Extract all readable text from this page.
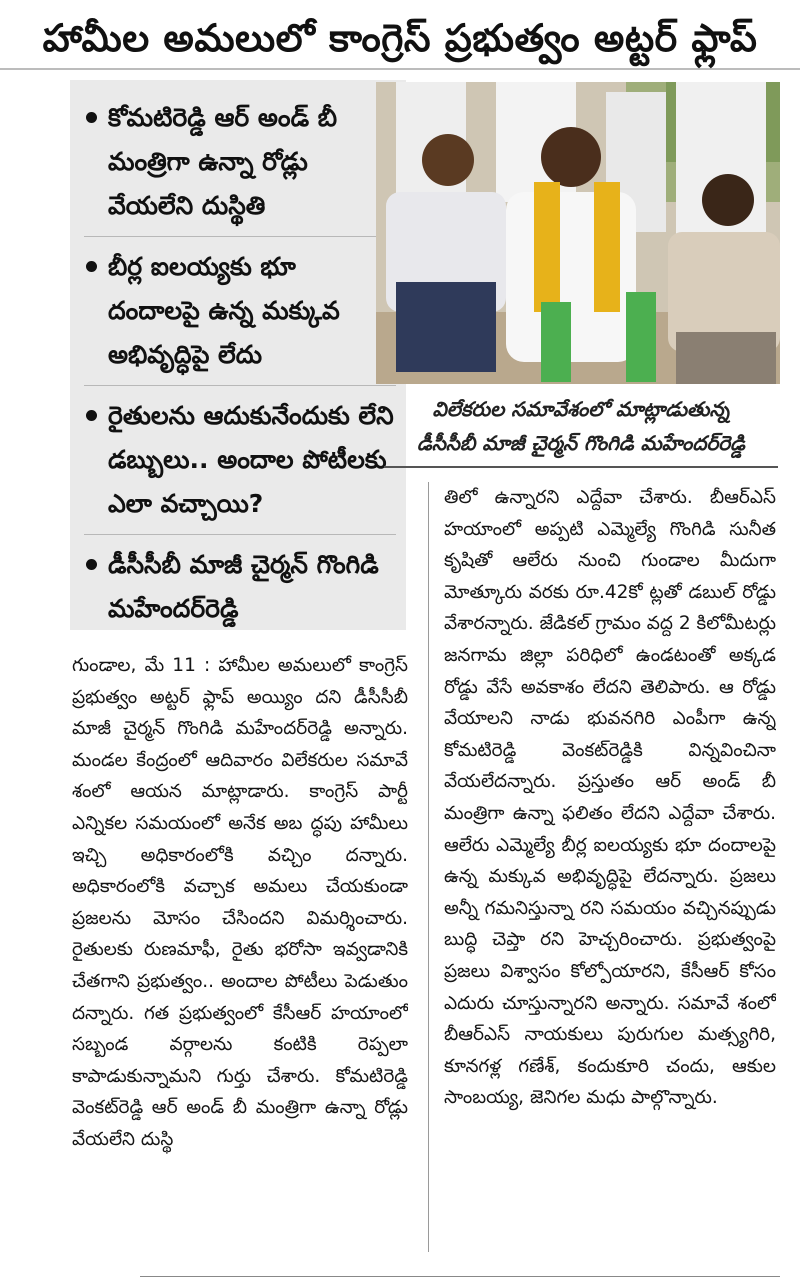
హామీల అమలులో కాంగ్రెస్ ప్రభుత్వం అట్టర్ ఫ్లాప్
కోమటిరెడ్డి ఆర్ అండ్ బీ మంత్రిగా ఉన్నా రోడ్లు వేయలేని దుస్థితి
బీర్ల ఐలయ్యకు భూ దందాలపై ఉన్న మక్కువ అభివృద్ధిపై లేదు
రైతులను ఆదుకునేందుకు లేని డబ్బులు.. అందాల పోటీలకు ఎలా వచ్చాయి?
డీసీసీబీ మాజీ చైర్మన్ గొంగిడి మహేందర్‌రెడ్డి
విలేకరుల సమావేశంలో మాట్లాడుతున్న
డీసీసీబీ మాజీ చైర్మన్ గొంగిడి మహేందర్‌రెడ్డి

గుండాల, మే 11 : హామీల అమలులో కాంగ్రెస్ ప్రభుత్వం అట్టర్ ఫ్లాప్ అయ్యిం దని డీసీసీబీ మాజీ చైర్మన్ గొంగిడి మహేందర్‌రెడ్డి అన్నారు. మండల కేంద్రంలో ఆదివారం విలేకరుల సమావే శంలో ఆయన మాట్లాడారు. కాంగ్రెస్ పార్టీ ఎన్నికల సమయంలో అనేక అబ ద్ధపు హామీలు ఇచ్చి అధికారంలోకి వచ్చిం దన్నారు. అధికారంలోకి వచ్చాక అమలు చేయకుండా ప్రజలను మోసం చేసిందని విమర్శించారు. రైతులకు రుణమాఫీ, రైతు భరోసా ఇవ్వడానికి చేతగాని ప్రభుత్వం.. అందాల పోటీలు పెడుతుం దన్నారు. గత ప్రభుత్వంలో కేసీఆర్ హయాంలో సబ్బండ వర్గాలను కంటికి రెప్పలా కాపాడుకున్నామని గుర్తు చేశారు. కోమటిరెడ్డి వెంకట్‌రెడ్డి ఆర్ అండ్ బీ మంత్రిగా ఉన్నా రోడ్లు వేయలేని దుస్థి

తిలో ఉన్నారని ఎద్దేవా చేశారు. బీఆర్‌ఎస్ హయాంలో అప్పటి ఎమ్మెల్యే గొంగిడి సునీత కృషితో ఆలేరు నుంచి గుండాల మీదుగా మోత్కూరు వరకు రూ.42కో ట్లతో డబుల్ రోడ్డు వేశారన్నారు. జేడికల్ గ్రామం వద్ద 2 కిలోమీటర్లు జనగామ జిల్లా పరిధిలో ఉండటంతో అక్కడ రోడ్డు వేసే అవకాశం లేదని తెలిపారు. ఆ రోడ్డు వేయాలని నాడు భువనగిరి ఎంపీగా ఉన్న కోమటిరెడ్డి వెంకట్‌రెడ్డికి విన్నవించినా వేయలేదన్నారు. ప్రస్తుతం ఆర్ అండ్ బీ మంత్రిగా ఉన్నా ఫలితం లేదని ఎద్దేవా చేశారు. ఆలేరు ఎమ్మెల్యే బీర్ల ఐలయ్యకు భూ దందాలపై ఉన్న మక్కువ అభివృద్ధిపై లేదన్నారు. ప్రజలు అన్నీ గమనిస్తున్నా రని సమయం వచ్చినప్పుడు బుద్ధి చెప్తా రని హెచ్చరించారు. ప్రభుత్వంపై ప్రజలు విశ్వాసం కోల్పోయారని, కేసీఆర్ కోసం ఎదురు చూస్తున్నారని అన్నారు. సమావే శంలో బీఆర్‌ఎస్ నాయకులు పురుగుల మత్స్యగిరి, కూనగళ్ల గణేశ్, కందుకూరి చందు, ఆకుల సాంబయ్య, జెనిగల మధు పాల్గొన్నారు.
